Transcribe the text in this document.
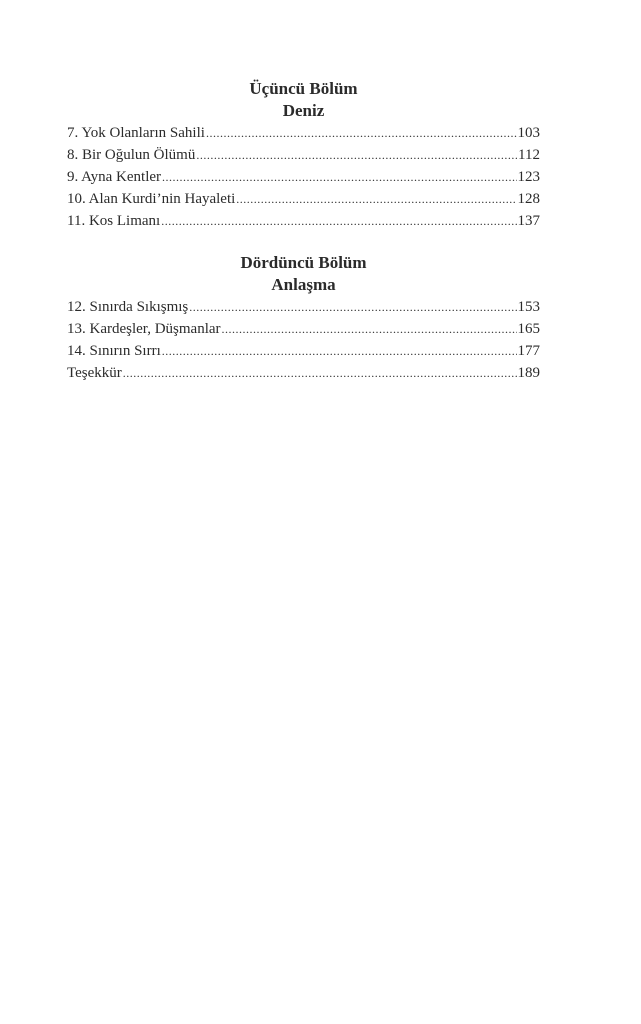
Üçüncü Bölüm
Deniz
7. Yok Olanların Sahili .....	103
8. Bir Oğulun Ölümü .....	112
9. Ayna Kentler .....	123
10. Alan Kurdi’nin Hayaleti .....	128
11. Kos Limanı .....	137
Dördüncü Bölüm
Anlaşma
12. Sınırda Sıkışmış .....	153
13. Kardeşler, Düşmanlar .....	165
14. Sınırın Sırrı .....	177
Teşekkür .....	189
